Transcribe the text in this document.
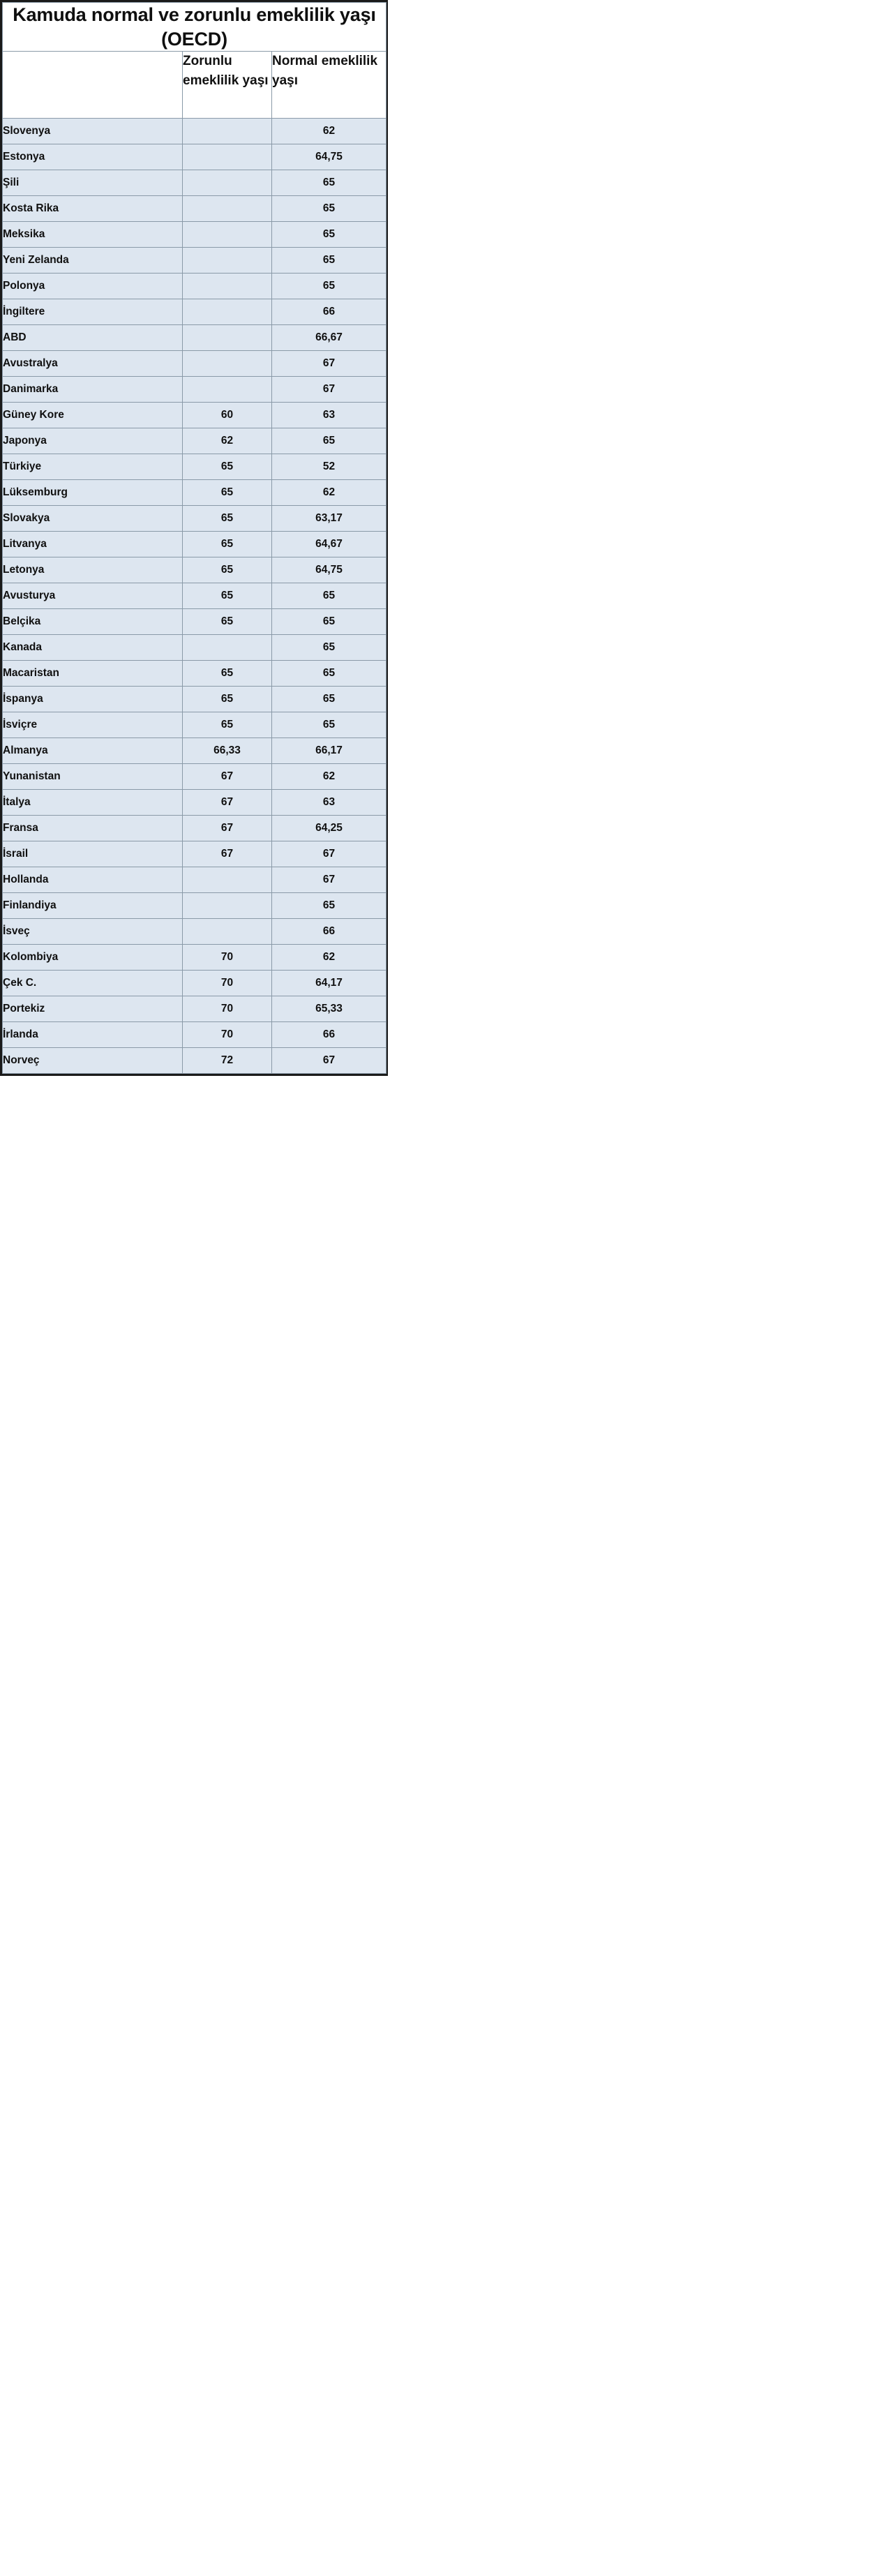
Kamuda normal ve zorunlu emeklilik yaşı (OECD)		
	Zorunlu emeklilik yaşı	Normal emeklilik yaşı
Slovenya		62
Estonya		64,75
Şili		65
Kosta Rika		65
Meksika		65
Yeni Zelanda		65
Polonya		65
İngiltere		66
ABD		66,67
Avustralya		67
Danimarka		67
Güney Kore	60	63
Japonya	62	65
Türkiye	65	52
Lüksemburg	65	62
Slovakya	65	63,17
Litvanya	65	64,67
Letonya	65	64,75
Avusturya	65	65
Belçika	65	65
Kanada		65
Macaristan	65	65
İspanya	65	65
İsviçre	65	65
Almanya	66,33	66,17
Yunanistan	67	62
İtalya	67	63
Fransa	67	64,25
İsrail	67	67
Hollanda		67
Finlandiya		65
İsveç		66
Kolombiya	70	62
Çek C.	70	64,17
Portekiz	70	65,33
İrlanda	70	66
Norveç	72	67
